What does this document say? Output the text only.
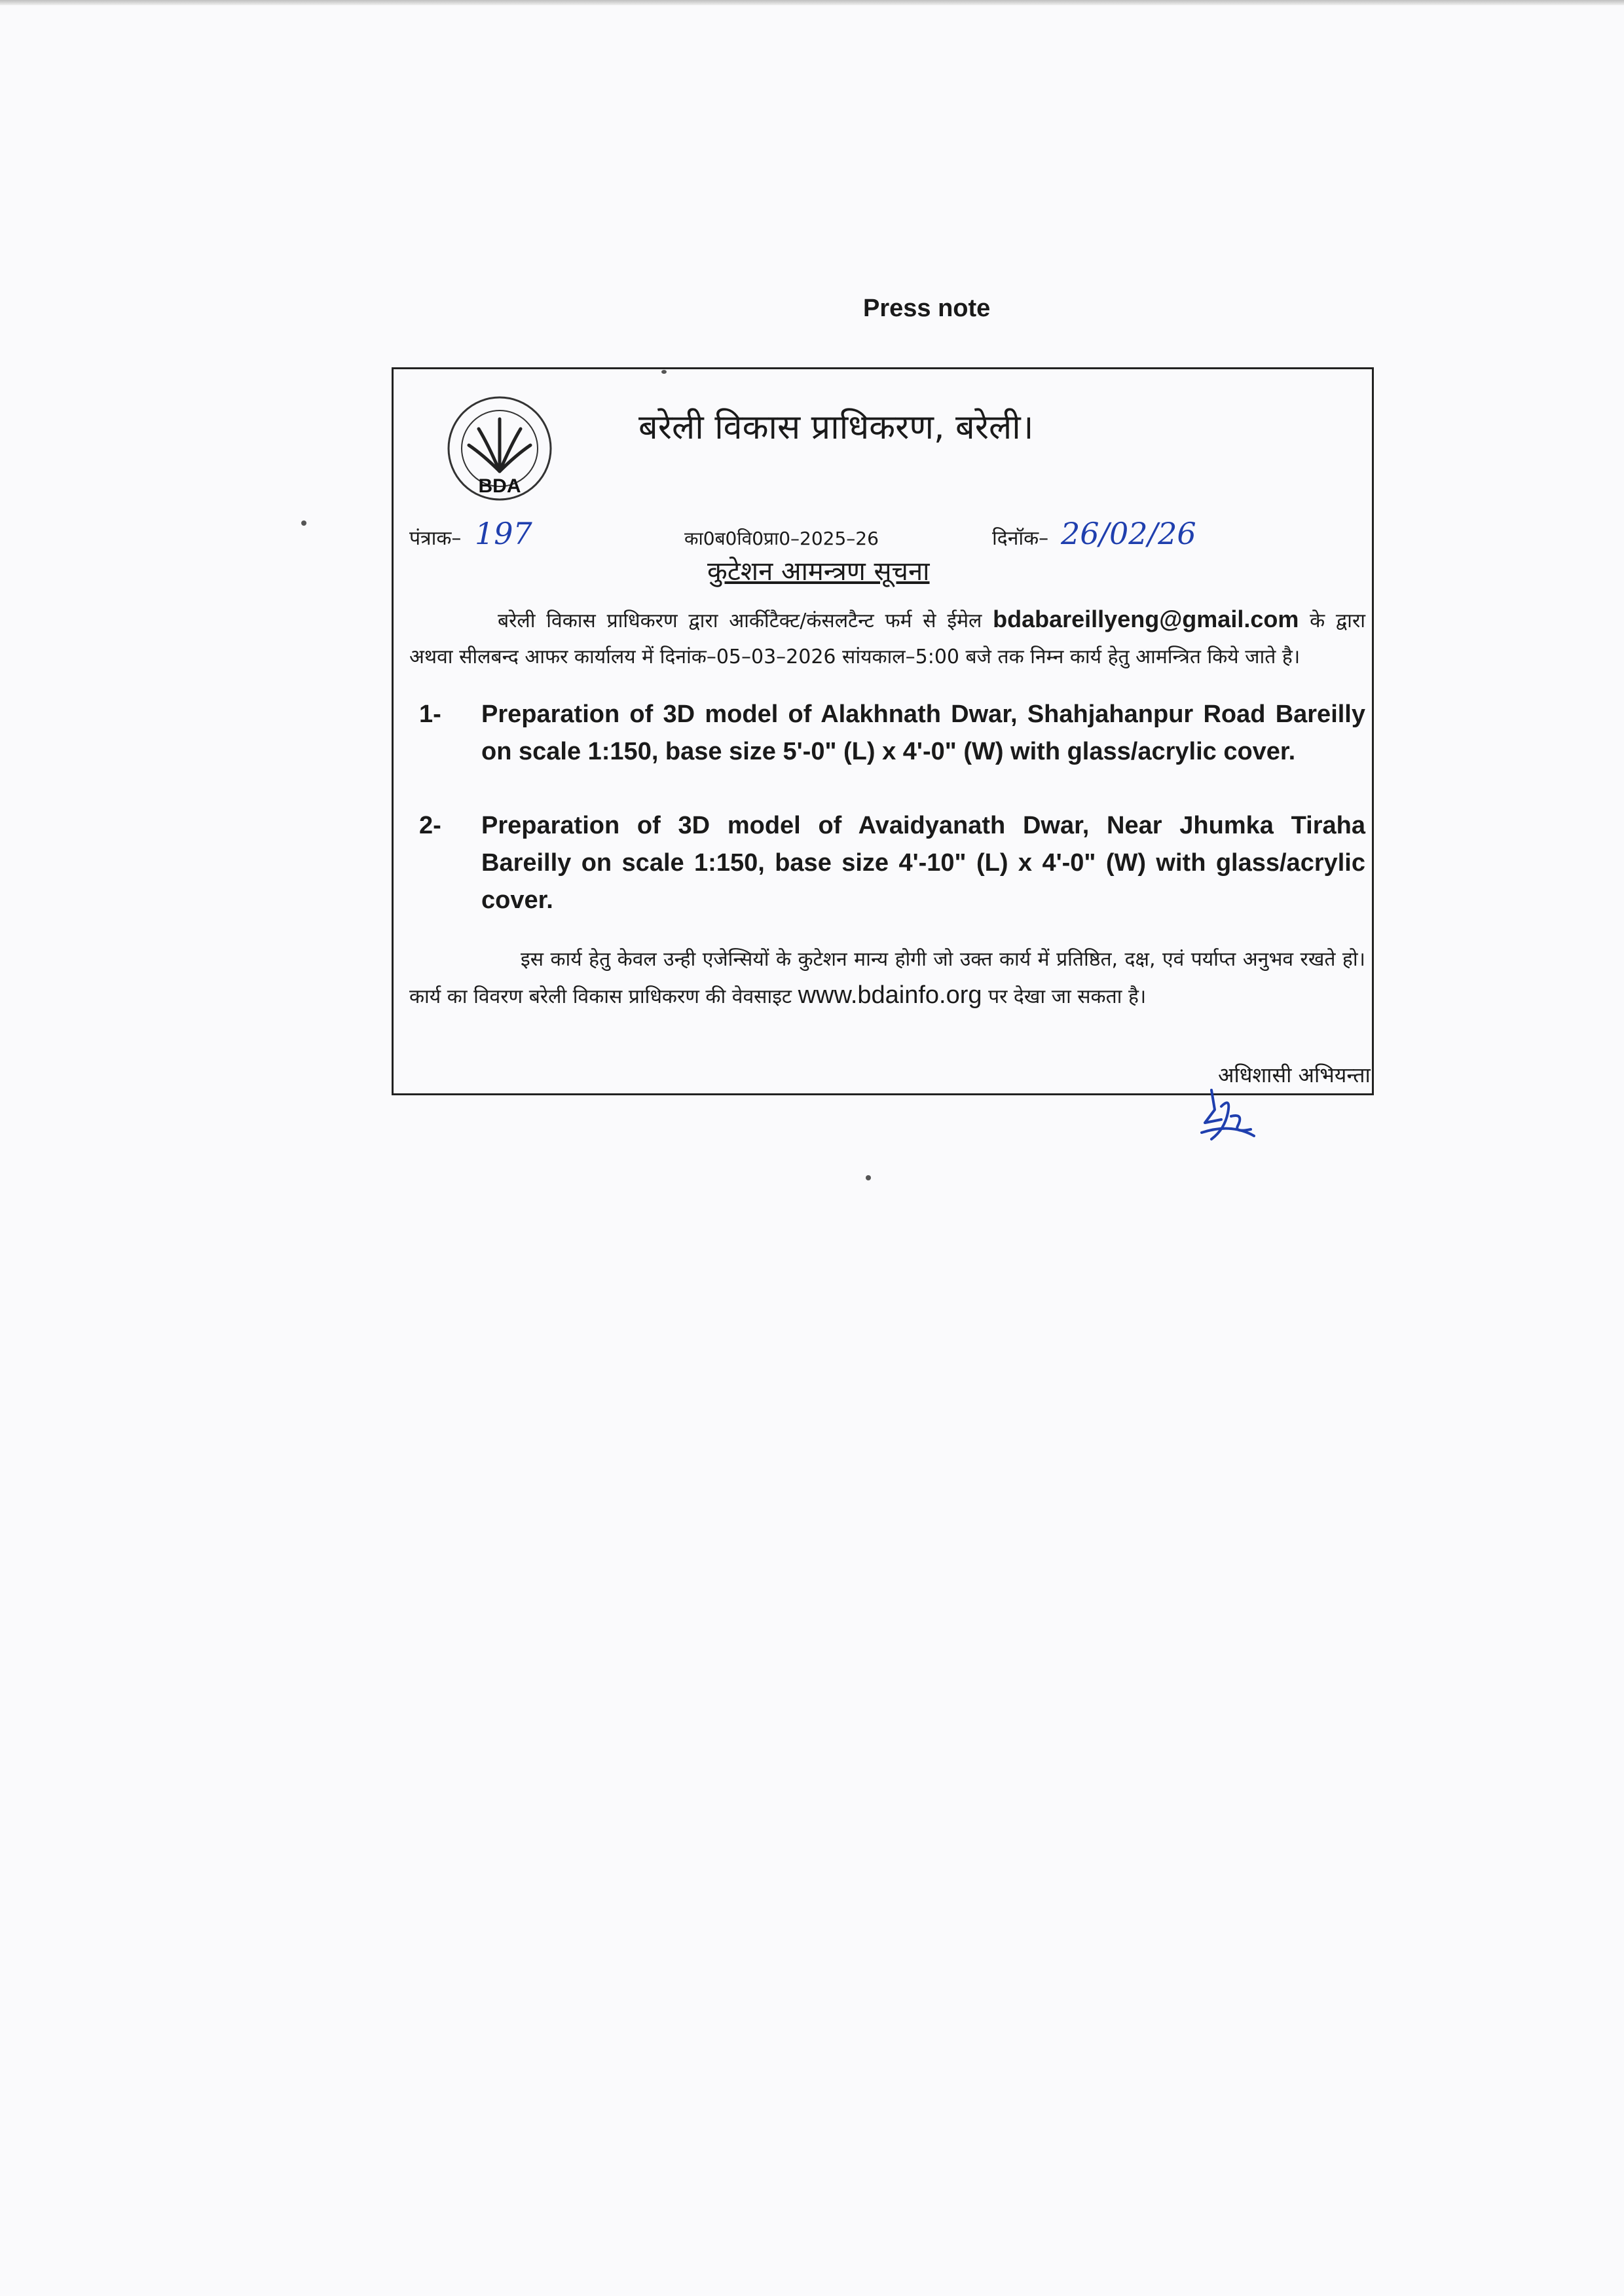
Press note
BDA
बरेली विकास प्राधिकरण, बरेली।
पंत्राक– 197	का0ब0वि0प्रा0–2025–26	दिनॉक– 26/02/26
कुटेशन आमन्त्रण सूचना
बरेली विकास प्राधिकरण द्वारा आर्कीटैक्ट/कंसलटैन्ट फर्म से ईमेल bdabareillyeng@gmail.com के द्वारा अथवा सीलबन्द आफर कार्यालय में दिनांक–05–03–2026 सांयकाल–5:00 बजे तक निम्न कार्य हेतु आमन्त्रित किये जाते है।
1- Preparation of 3D model of Alakhnath Dwar, Shahjahanpur Road Bareilly on scale 1:150, base size 5'-0" (L) x 4'-0" (W) with glass/acrylic cover.
2- Preparation of 3D model of Avaidyanath Dwar, Near Jhumka Tiraha Bareilly on scale 1:150, base size 4'-10" (L) x 4'-0" (W) with glass/acrylic cover.
इस कार्य हेतु केवल उन्ही एजेन्सियों के कुटेशन मान्य होगी जो उक्त कार्य में प्रतिष्ठित, दक्ष, एवं पर्याप्त अनुभव रखते हो। कार्य का विवरण बरेली विकास प्राधिकरण की वेवसाइट www.bdainfo.org पर देखा जा सकता है।
अधिशासी अभियन्ता
